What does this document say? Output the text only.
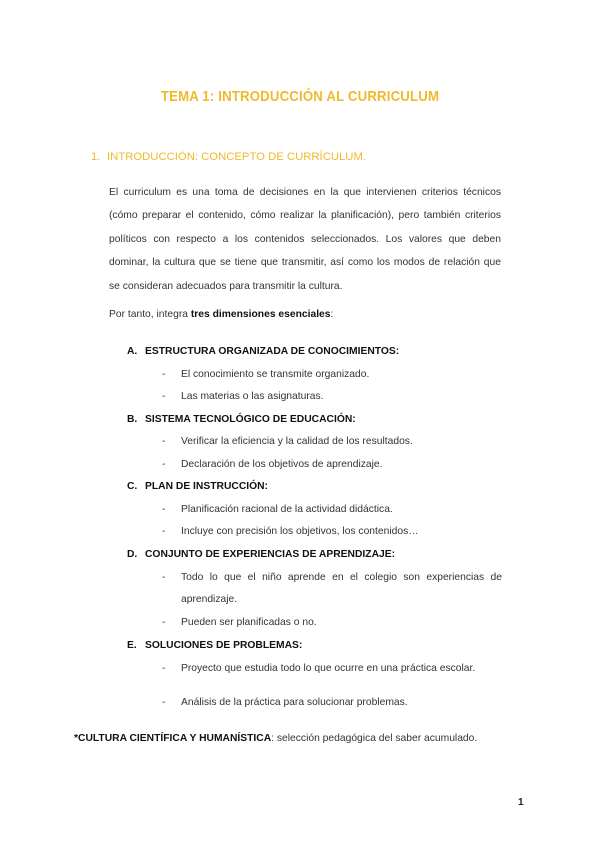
TEMA 1: INTRODUCCIÓN AL CURRICULUM
1. INTRODUCCIÓN: CONCEPTO DE CURRÍCULUM.
El curriculum es una toma de decisiones en la que intervienen criterios técnicos (cómo preparar el contenido, cómo realizar la planificación), pero también criterios políticos con respecto a los contenidos seleccionados. Los valores que deben dominar, la cultura que se tiene que transmitir, así como los modos de relación que se consideran adecuados para transmitir la cultura.
Por tanto, integra tres dimensiones esenciales:
A. ESTRUCTURA ORGANIZADA DE CONOCIMIENTOS:
- El conocimiento se transmite organizado.
- Las materias o las asignaturas.
B. SISTEMA TECNOLÓGICO DE EDUCACIÓN:
- Verificar la eficiencia y la calidad de los resultados.
- Declaración de los objetivos de aprendizaje.
C. PLAN DE INSTRUCCIÓN:
- Planificación racional de la actividad didáctica.
- Incluye con precisión los objetivos, los contenidos…
D. CONJUNTO DE EXPERIENCIAS DE APRENDIZAJE:
- Todo lo que el niño aprende en el colegio son experiencias de aprendizaje.
- Pueden ser planificadas o no.
E. SOLUCIONES DE PROBLEMAS:
- Proyecto que estudia todo lo que ocurre en una práctica escolar.
- Análisis de la práctica para solucionar problemas.
*CULTURA CIENTÍFICA Y HUMANÍSTICA: selección pedagógica del saber acumulado.
1
